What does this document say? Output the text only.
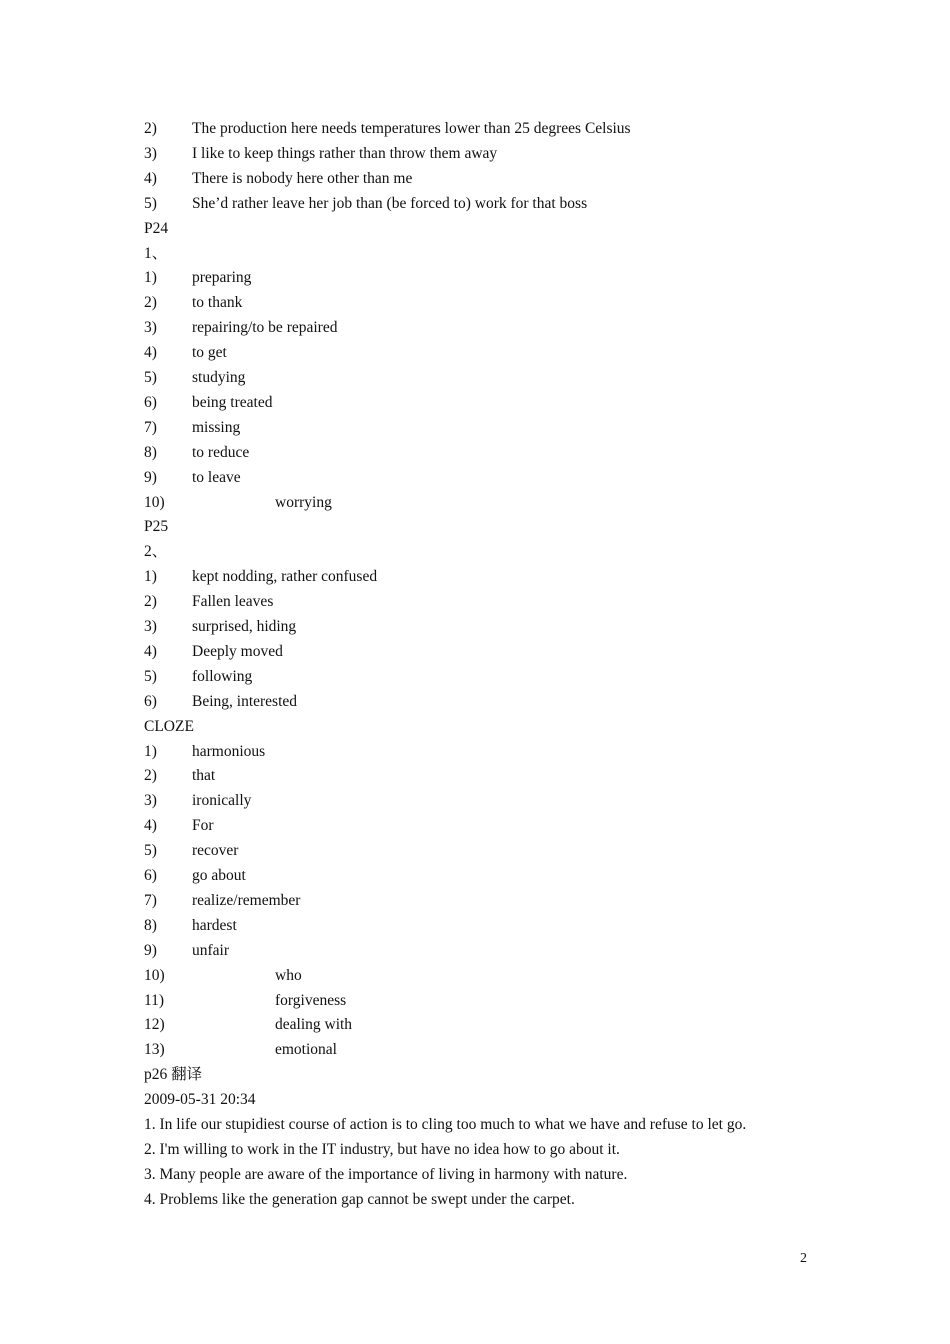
2) The production here needs temperatures lower than 25 degrees Celsius
3) I like to keep things rather than throw them away
4) There is nobody here other than me
5) She’d rather leave her job than (be forced to) work for that boss
P24
1、
1) preparing
2) to thank
3) repairing/to be repaired
4) to get
5) studying
6) being treated
7) missing
8) to reduce
9) to leave
10)	worrying
P25
2、
1) kept nodding, rather confused
2) Fallen leaves
3) surprised, hiding
4) Deeply moved
5) following
6) Being, interested
CLOZE
1) harmonious
2) that
3) ironically
4) For
5) recover
6) go about
7) realize/remember
8) hardest
9) unfair
10)	who
11)	forgiveness
12)	dealing with
13)	emotional
p26 翻译
2009-05-31 20:34
1. In life our stupidiest course of action is to cling too much to what we have and refuse to let go.
2. I'm willing to work in the IT industry, but have no idea how to go about it.
3. Many people are aware of the importance of living in harmony with nature.
4. Problems like the generation gap cannot be swept under the carpet.
2
